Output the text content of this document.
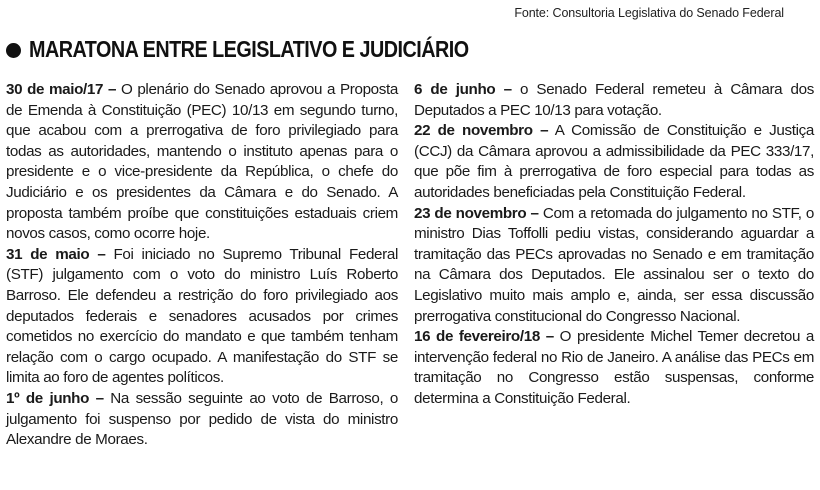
Fonte: Consultoria Legislativa do Senado Federal
MARATONA ENTRE LEGISLATIVO E JUDICIÁRIO

30 de maio/17 – O plenário do Senado aprovou a Proposta de Emenda à Constituição (PEC) 10/13 em segundo turno, que acabou com a prerrogativa de foro privilegiado para todas as autoridades, mantendo o instituto apenas para o presidente e o vice-presidente da República, o chefe do Judiciário e os presidentes da Câmara e do Senado. A proposta também proíbe que constituições estaduais criem novos casos, como ocorre hoje.

31 de maio – Foi iniciado no Supremo Tribunal Federal (STF) julgamento com o voto do ministro Luís Roberto Barroso. Ele defendeu a restrição do foro privilegiado aos deputados federais e senadores acusados por crimes cometidos no exercício do mandato e que também tenham relação com o cargo ocupado. A manifestação do STF se limita ao foro de agentes políticos.

1º de junho – Na sessão seguinte ao voto de Barroso, o julgamento foi suspenso por pedido de vista do ministro Alexandre de Moraes.

6 de junho – o Senado Federal remeteu à Câmara dos Deputados a PEC 10/13 para votação.

22 de novembro – A Comissão de Constituição e Justiça (CCJ) da Câmara aprovou a admissibilidade da PEC 333/17, que põe fim à prerrogativa de foro especial para todas as autoridades beneficiadas pela Constituição Federal.

23 de novembro – Com a retomada do julgamento no STF, o ministro Dias Toffolli pediu vistas, considerando aguardar a tramitação das PECs aprovadas no Senado e em tramitação na Câmara dos Deputados. Ele assinalou ser o texto do Legislativo muito mais amplo e, ainda, ser essa discussão prerrogativa constitucional do Congresso Nacional.

16 de fevereiro/18 – O presidente Michel Temer decretou a intervenção federal no Rio de Janeiro. A análise das PECs em tramitação no Congresso estão suspensas, conforme determina a Constituição Federal.
